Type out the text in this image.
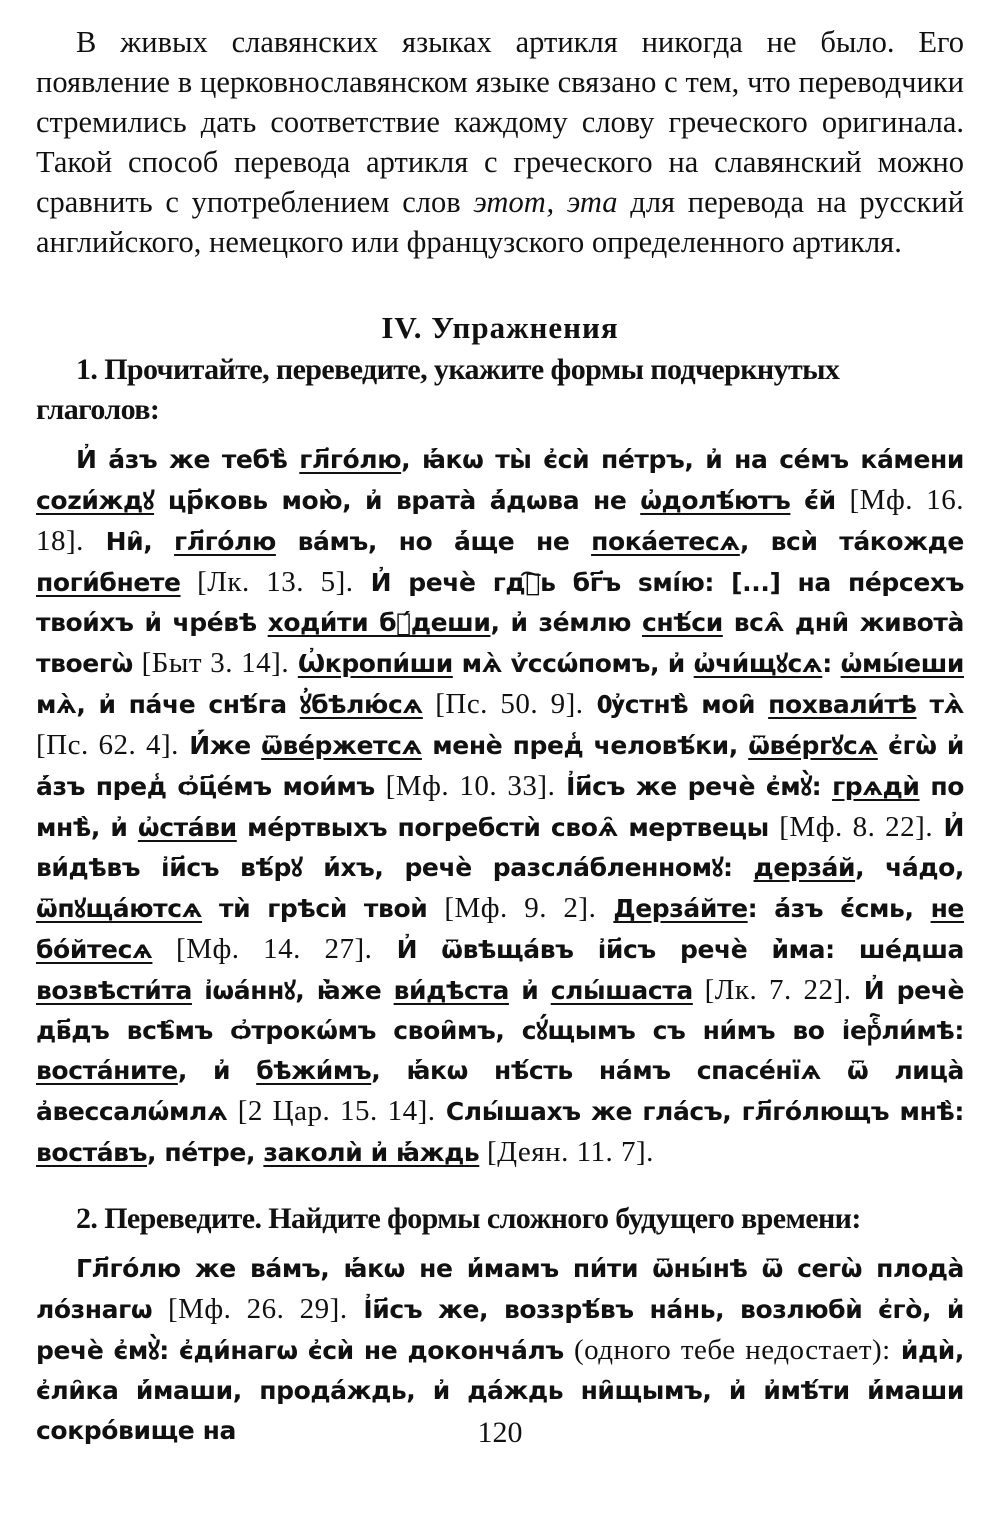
В живых славянских языках артикля никогда не было. Его появление в церковнославянском языке связано с тем, что переводчики стремились дать соответствие каждому слову греческого оригинала. Такой способ перевода артикля с греческого на славянский можно сравнить с употреблением слов этот, эта для перевода на русский английского, немецкого или французского определенного артикля.

IV. Упражнения
1. Прочитайте, переведите, укажите формы подчеркнутых глаголов:

И҆ а҆́зъ же тебѣ̀ гл҃го́лю, ꙗ҆́кѡ ты̀ є҆сѝ пе́тръ, и҆ на се́мъ ка́мени сozи́ждꙋ цр҃ковь мою̀, и҆ врата̀ а҆́дѡва не ѡ҆долѣ́ютъ є҆́й [Мф. 16. 18]. Ни̑, гл҃го́лю ва́мъ, но а҆́ще не пока́етесѧ, всѝ та́кожде поги́бнете [Лк. 13. 5]. И҆ речѐ гдⷭ҇ь бг҃ъ ѕмі́ю: [...] на пе́рсехъ твои́хъ и҆ чре́вѣ ходи́ти бꙋ́деши, и҆ зе́млю снѣ́си всѧ̑ дни̑ живота̀ твоегѡ̀ [Быт 3. 14]. Ѡ҆кропи́ши мѧ̀ ѵ҆ссѡ́помъ, и҆ ѡ҆чи́щꙋсѧ: ѡ҆мы́еши мѧ̀, и҆ па́че снѣ́га ꙋ҆бѣлю́сѧ [Пс. 50. 9]. Ѹ҆стнѣ̀ мои̑ похвали́тѣ тѧ̀ [Пс. 62. 4]. И҆́же ѿве́ржетсѧ менѐ пред̾ человѣ́ки, ѿве́ргꙋсѧ є҆гѡ̀ и҆ а҆́зъ пред̾ ѻ҆ц҃е́мъ мои́мъ [Мф. 10. 33]. І҆и҃съ же речѐ є҆мꙋ̀: грѧдѝ по мнѣ̀, и҆ ѡ҆ста́ви ме́ртвыхъ погребстѝ своѧ̑ мертвецы [Мф. 8. 22]. И҆ ви́дѣвъ і҆и҃съ вѣ́рꙋ и҆́хъ, речѐ разсла́бленномꙋ: дерза́й, ча́до, ѿпꙋща́ютсѧ тѝ грѣсѝ твоѝ [Мф. 9. 2]. Дерза́йте: а҆́зъ є҆́смь, не бо́йтесѧ [Мф. 14. 27]. И҆ ѿвѣща́въ і҆и҃съ речѐ и҆̀ма: ше́дша возвѣсти́та і҆ѡа́ннꙋ, ꙗ҆̀же ви́дѣста и҆ слы́шаста [Лк. 7. 22]. И҆ речѐ дв҃дъ всѣ̑мъ ѻ҆трокѡ́мъ свои̑мъ, сꙋ́щымъ съ ни́мъ во і҆ерⷭ҇ли́мѣ: воста́ните, и҆ бѣжи́мъ, ꙗ҆́кѡ нѣ́сть на́мъ спасе́нїѧ ѿ лица̀ а҆вессалѡ́млѧ [2 Цар. 15. 14]. Слы́шахъ же гла́съ, гл҃го́лющъ мнѣ̀: воста́въ, пе́тре, заколѝ и҆ ꙗ҆́ждь [Деян. 11. 7].

2. Переведите. Найдите формы сложного будущего времени:

Гл҃го́лю же ва́мъ, ꙗ҆́кѡ не и҆́мамъ пи́ти ѿны́нѣ ѿ сегѡ̀ плода̀ ло́знагѡ [Мф. 26. 29]. І҆и҃съ же, воззрѣ́въ на́нь, возлюбѝ є҆го̀, и҆ речѐ є҆мꙋ̀: є҆ди́нагѡ є҆сѝ не доконча́лъ (одного тебе недостает): и҆дѝ, є҆ли̑ка и҆́маши, прода́ждь, и҆ да́ждь ни̑щымъ, и҆ и҆мѣ́ти и҆́маши сокро́вище на	120
